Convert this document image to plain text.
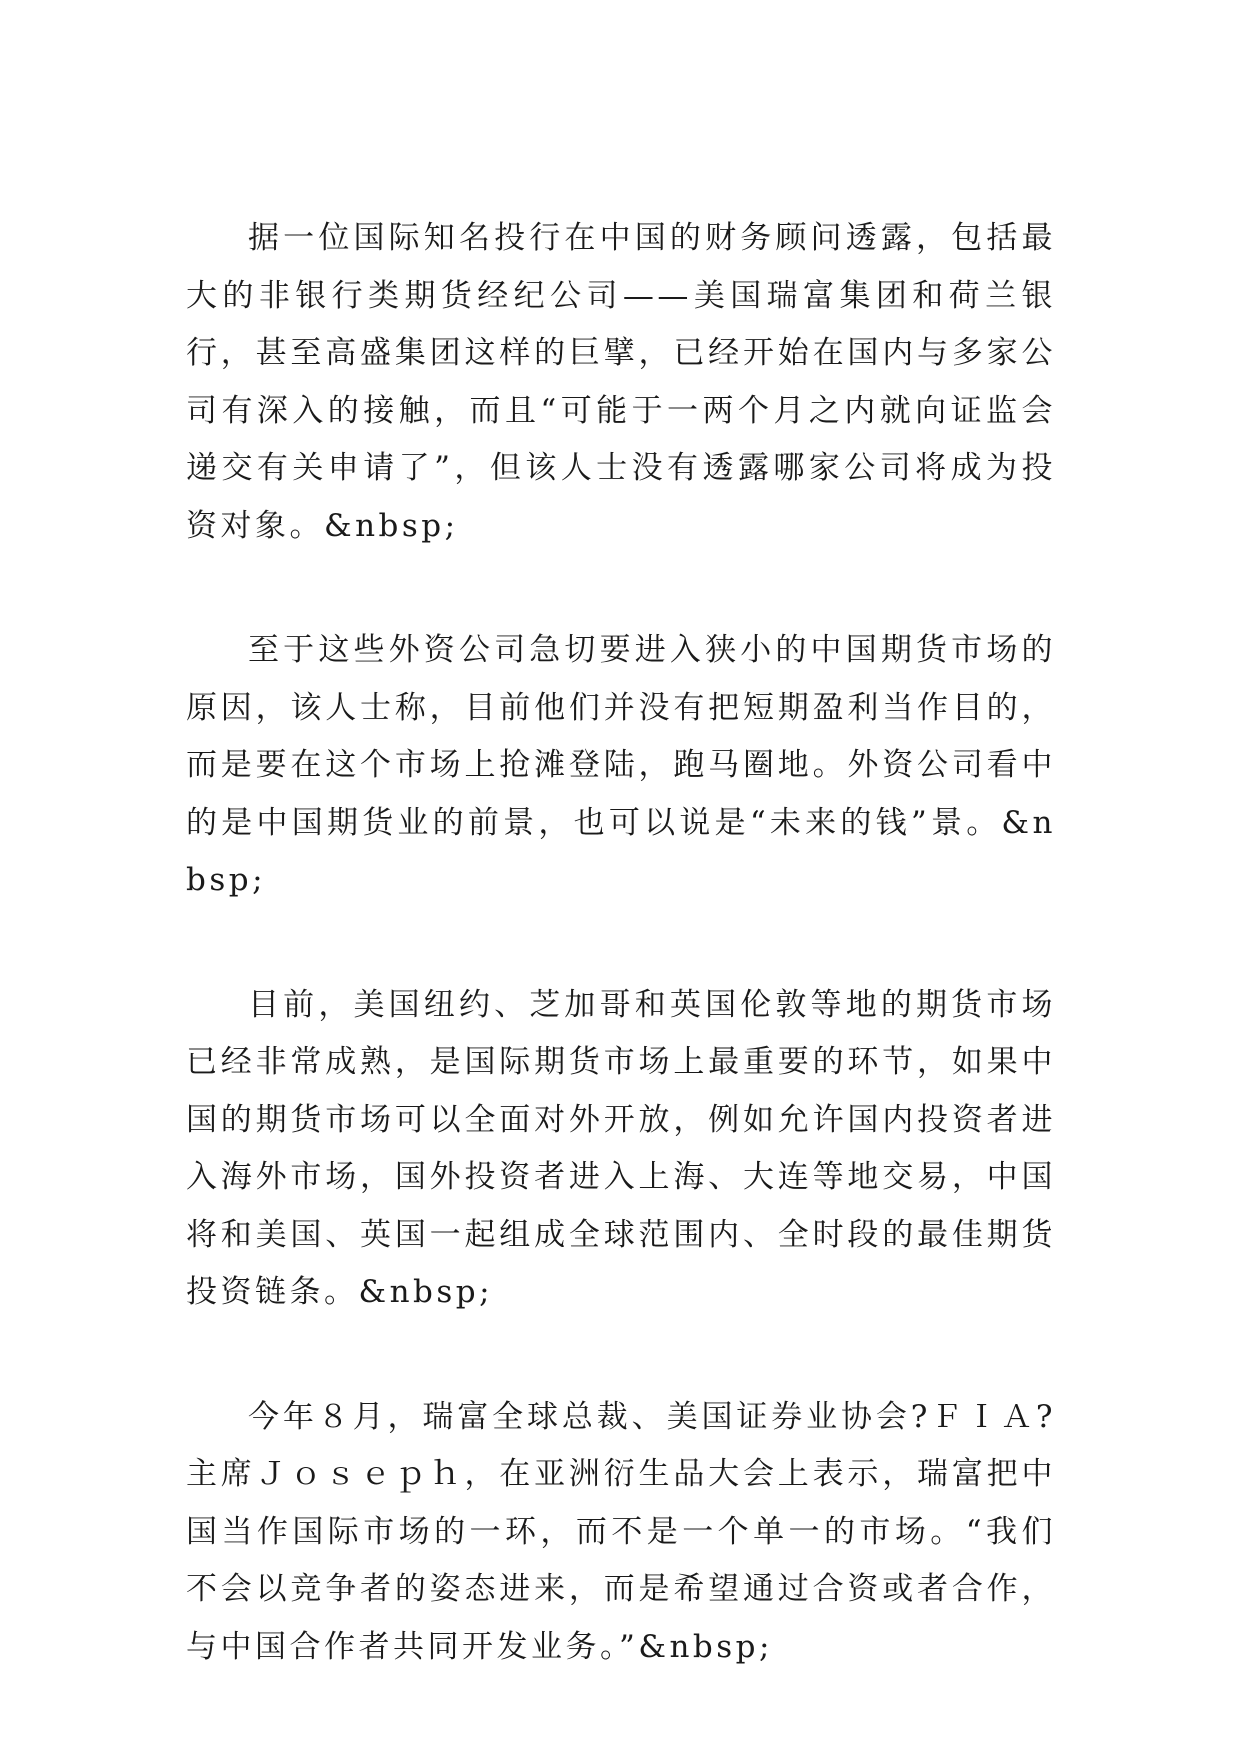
据一位国际知名投行在中国的财务顾问透露，包括最大的非银行类期货经纪公司——美国瑞富集团和荷兰银行，甚至高盛集团这样的巨擘，已经开始在国内与多家公司有深入的接触，而且“可能于一两个月之内就向证监会递交有关申请了”，但该人士没有透露哪家公司将成为投资对象。&nbsp;

至于这些外资公司急切要进入狭小的中国期货市场的原因，该人士称，目前他们并没有把短期盈利当作目的，而是要在这个市场上抢滩登陆，跑马圈地。外资公司看中的是中国期货业的前景，也可以说是“未来的钱”景。&nbsp;

目前，美国纽约、芝加哥和英国伦敦等地的期货市场已经非常成熟，是国际期货市场上最重要的环节，如果中国的期货市场可以全面对外开放，例如允许国内投资者进入海外市场，国外投资者进入上海、大连等地交易，中国将和美国、英国一起组成全球范围内、全时段的最佳期货投资链条。&nbsp;

今年８月，瑞富全球总裁、美国证券业协会?ＦＩＡ?主席Ｊｏｓｅｐｈ，在亚洲衍生品大会上表示，瑞富把中国当作国际市场的一环，而不是一个单一的市场。“我们不会以竞争者的姿态进来，而是希望通过合资或者合作，与中国合作者共同开发业务。”&nbsp;
